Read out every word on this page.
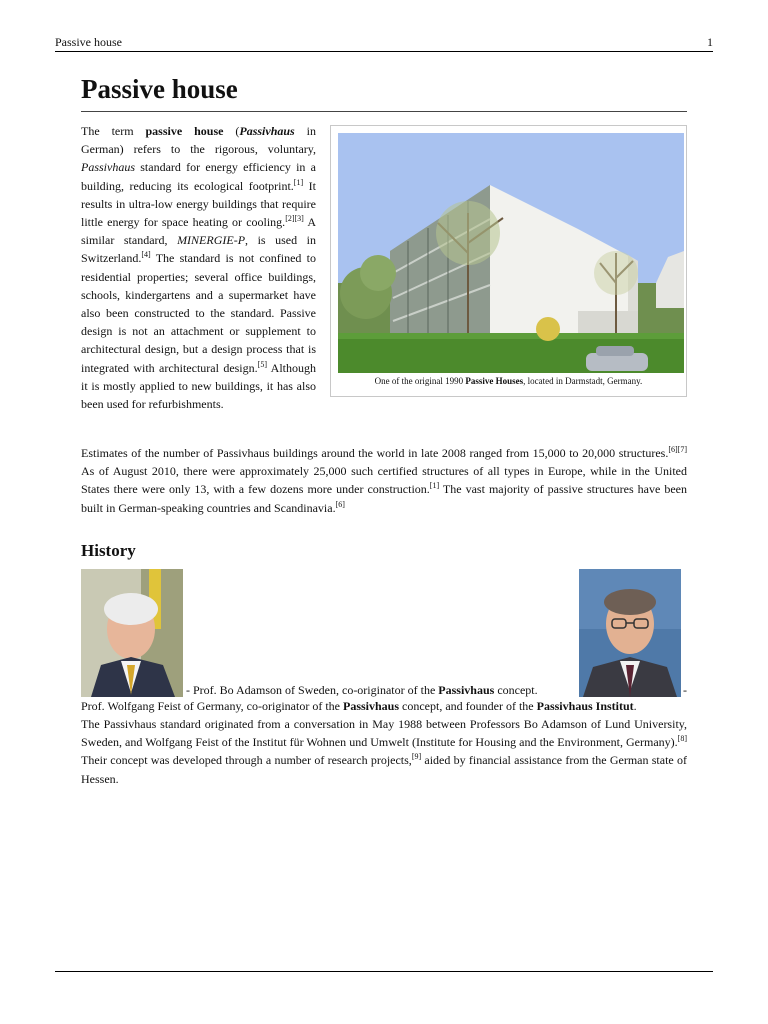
Passive house	1
Passive house
One of the original 1990 Passive Houses, located in Darmstadt, Germany.
The term passive house (Passivhaus in German) refers to the rigorous, voluntary, Passivhaus standard for energy efficiency in a building, reducing its ecological footprint.[1] It results in ultra-low energy buildings that require little energy for space heating or cooling.[2][3] A similar standard, MINERGIE-P, is used in Switzerland.[4] The standard is not confined to residential properties; several office buildings, schools, kindergartens and a supermarket have also been constructed to the standard. Passive design is not an attachment or supplement to architectural design, but a design process that is integrated with architectural design.[5] Although it is mostly applied to new buildings, it has also been used for refurbishments.

Estimates of the number of Passivhaus buildings around the world in late 2008 ranged from 15,000 to 20,000 structures.[6][7] As of August 2010, there were approximately 25,000 such certified structures of all types in Europe, while in the United States there were only 13, with a few dozens more under construction.[1] The vast majority of passive structures have been built in German-speaking countries and Scandinavia.[6]

History
- Prof. Bo Adamson of Sweden, co-originator of the Passivhaus concept.	-
Prof. Wolfgang Feist of Germany, co-originator of the Passivhaus concept, and founder of the Passivhaus Institut.

The Passivhaus standard originated from a conversation in May 1988 between Professors Bo Adamson of Lund University, Sweden, and Wolfgang Feist of the Institut für Wohnen und Umwelt (Institute for Housing and the Environment, Germany).[8] Their concept was developed through a number of research projects,[9] aided by financial assistance from the German state of Hessen.
